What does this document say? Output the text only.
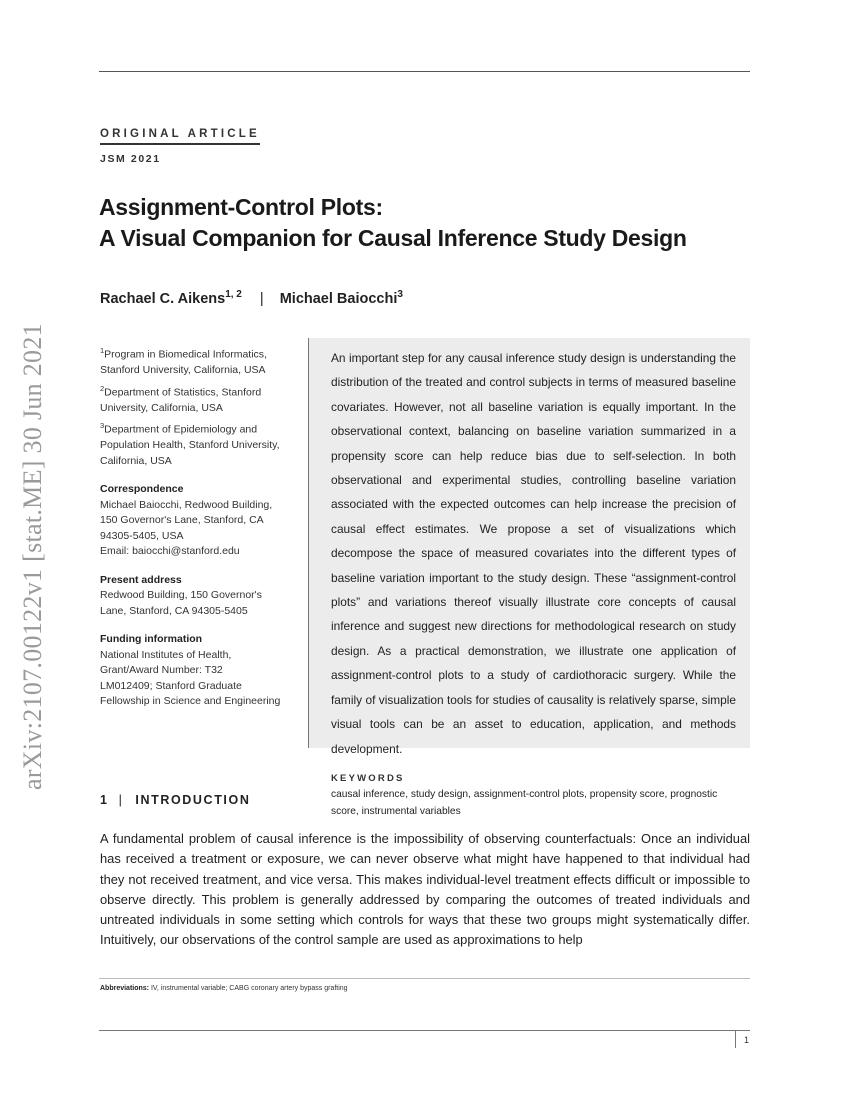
arXiv:2107.00122v1 [stat.ME] 30 Jun 2021
ORIGINAL ARTICLE
JSM 2021
Assignment-Control Plots:
A Visual Companion for Causal Inference Study Design
Rachael C. Aikens$^{1, 2}$ | Michael Baiocchi$^3$
$^1$Program in Biomedical Informatics, Stanford University, California, USA
$^2$Department of Statistics, Stanford University, California, USA
$^3$Department of Epidemiology and Population Health, Stanford University, California, USA
Correspondence
Michael Baiocchi, Redwood Building,
150 Governor's Lane, Stanford, CA
94305-5405, USA
Email: baiocchi@stanford.edu
Present address
Redwood Building, 150 Governor's
Lane, Stanford, CA 94305-5405
Funding information
National Institutes of Health,
Grant/Award Number: T32
LM012409; Stanford Graduate
Fellowship in Science and Engineering
An important step for any causal inference study design is understanding the distribution of the treated and control subjects in terms of measured baseline covariates. However, not all baseline variation is equally important. In the observational context, balancing on baseline variation summarized in a propensity score can help reduce bias due to self-selection. In both observational and experimental studies, controlling baseline variation associated with the expected outcomes can help increase the precision of causal effect estimates. We propose a set of visualizations which decompose the space of measured covariates into the different types of baseline variation important to the study design. These “assignment-control plots” and variations thereof visually illustrate core concepts of causal inference and suggest new directions for methodological research on study design. As a practical demonstration, we illustrate one application of assignment-control plots to a study of cardiothoracic surgery. While the family of visualization tools for studies of causality is relatively sparse, simple visual tools can be an asset to education, application, and methods development.
KEYWORDS
causal inference, study design, assignment-control plots, propensity score, prognostic score, instrumental variables
1 | INTRODUCTION
A fundamental problem of causal inference is the impossibility of observing counterfactuals: Once an individual has received a treatment or exposure, we can never observe what might have happened to that individual had they not received treatment, and vice versa. This makes individual-level treatment effects difficult or impossible to observe directly. This problem is generally addressed by comparing the outcomes of treated individuals and untreated individuals in some setting which controls for ways that these two groups might systematically differ. Intuitively, our observations of the control sample are used as approximations to help
Abbreviations: IV, instrumental variable; CABG coronary artery bypass grafting
1
